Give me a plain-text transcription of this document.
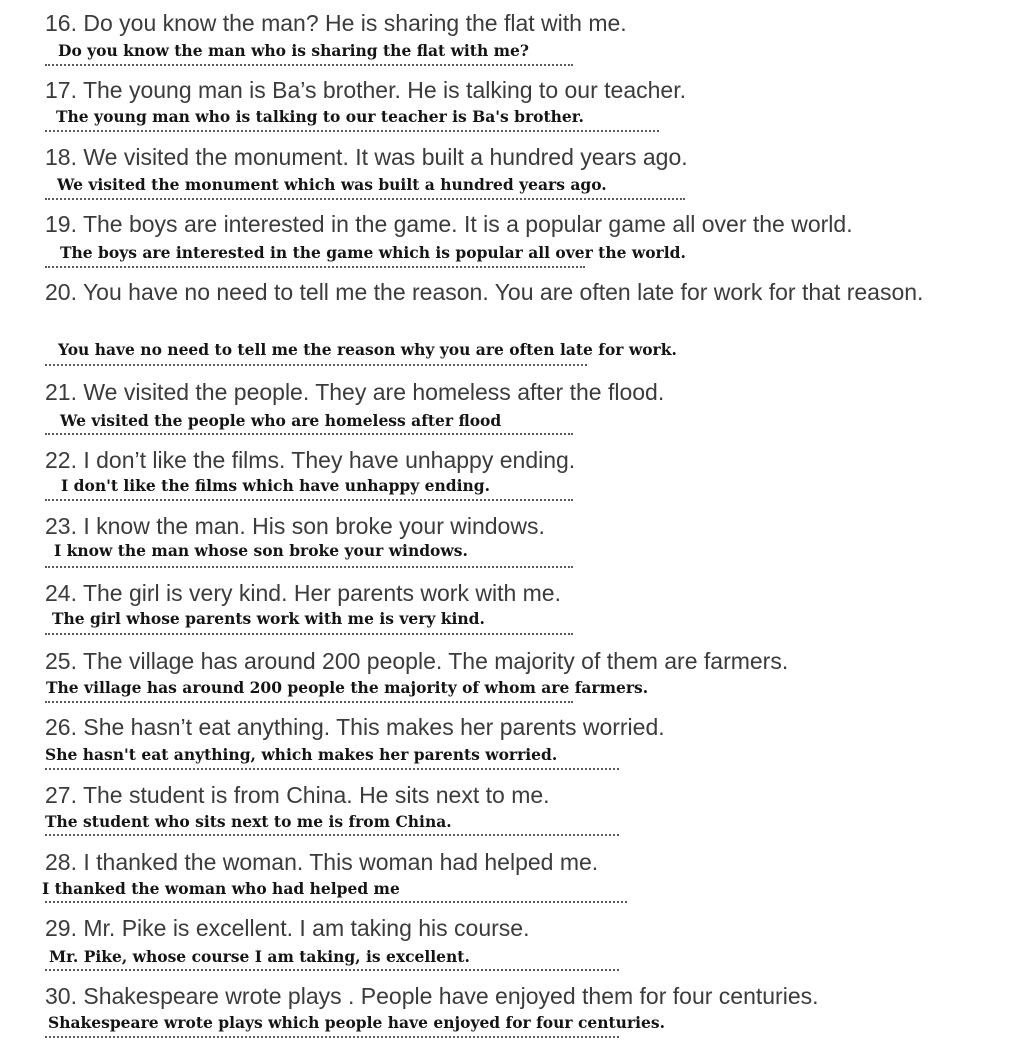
16. Do you know the man? He is sharing the flat with me.
Do you know the man who is sharing the flat with me?
17. The young man is Ba’s brother. He is talking to our teacher.
The young man who is talking to our teacher is Ba's brother.
18. We visited the monument. It was built a hundred years ago.
We visited the monument which was built a hundred years ago.
19. The boys are interested in the game. It is a popular game all over the world.
The boys are interested in the game which is popular all over the world.
20. You have no need to tell me the reason. You are often late for work for that reason.
You have no need to tell me the reason why you are often late for work.
21. We visited the people. They are homeless after the flood.
We visited the people who are homeless after flood
22. I don’t like the films. They have unhappy ending.
I don't like the films which have unhappy ending.
23. I know the man. His son broke your windows.
I know the man whose son broke your windows.
24. The girl is very kind. Her parents work with me.
The girl whose parents work with me is very kind.
25. The village has around 200 people. The majority of them are farmers.
The village has around 200 people the majority of whom are farmers.
26. She hasn’t eat anything. This makes her parents worried.
She hasn't eat anything, which makes her parents worried.
27. The student is from China. He sits next to me.
The student who sits next to me is from China.
28. I thanked the woman. This woman had helped me.
I thanked the woman who had helped me
29. Mr. Pike is excellent. I am taking his course.
Mr. Pike, whose course I am taking, is excellent.
30. Shakespeare wrote plays . People have enjoyed them for four centuries.
Shakespeare wrote plays which people have enjoyed for four centuries.
